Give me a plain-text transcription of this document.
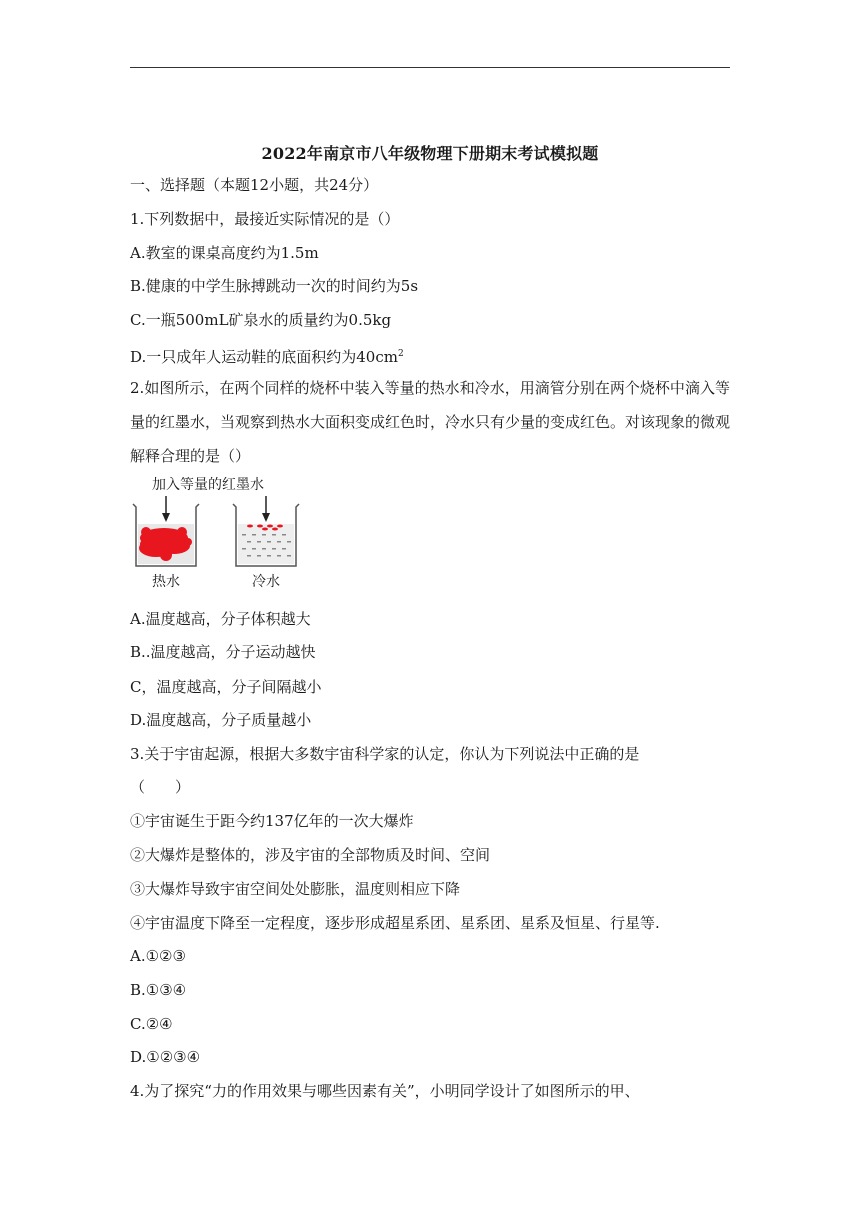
2022年南京市八年级物理下册期末考试模拟题
一、选择题（本题12小题，共24分）
1.下列数据中，最接近实际情况的是（）
A.教室的课桌高度约为1.5m
B.健康的中学生脉搏跳动一次的时间约为5s
C.一瓶500mL矿泉水的质量约为0.5kg
D.一只成年人运动鞋的底面积约为$40cm^2$
2.如图所示，在两个同样的烧杯中装入等量的热水和冷水，用滴管分别在两个烧杯中滴入等量的红墨水，当观察到热水大面积变成红色时，冷水只有少量的变成红色。对该现象的微观解释合理的是（）
加入等量的红墨水
热水	冷水
A.温度越高，分子体积越大
B..温度越高，分子运动越快
C，温度越高，分子间隔越小
D.温度越高，分子质量越小
3.关于宇宙起源，根据大多数宇宙科学家的认定，你认为下列说法中正确的是
（　　）
①宇宙诞生于距今约137亿年的一次大爆炸
②大爆炸是整体的，涉及宇宙的全部物质及时间、空间
③大爆炸导致宇宙空间处处膨胀，温度则相应下降
④宇宙温度下降至一定程度，逐步形成超星系团、星系团、星系及恒星、行星等.
A.①②③
B.①③④
C.②④
D.①②③④
4.为了探究“力的作用效果与哪些因素有关”，小明同学设计了如图所示的甲、
